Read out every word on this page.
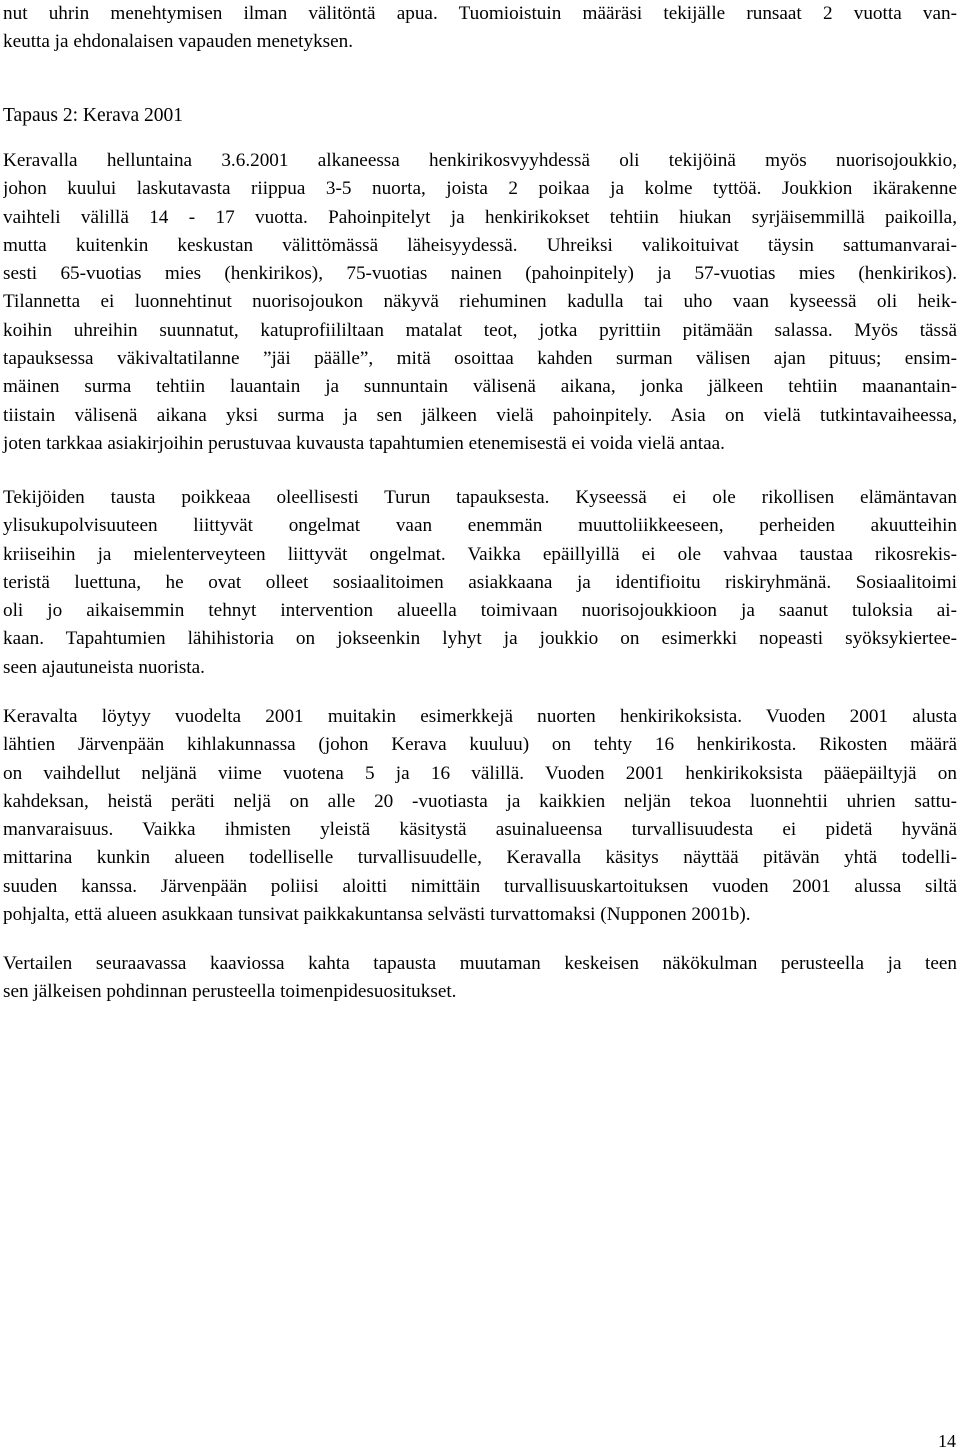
nut uhrin menehtymisen ilman välitöntä apua. Tuomioistuin määräsi tekijälle runsaat 2 vuotta van-
keutta ja ehdonalaisen vapauden menetyksen.
Tapaus 2: Kerava 2001
Keravalla helluntaina 3.6.2001 alkaneessa henkirikosvyyhdessä oli tekijöinä myös nuorisojoukkio,
johon kuului laskutavasta riippua 3-5 nuorta, joista 2 poikaa ja kolme tyttöä. Joukkion ikärakenne
vaihteli välillä 14 - 17 vuotta. Pahoinpitelyt ja henkirikokset tehtiin hiukan syrjäisemmillä paikoilla,
mutta kuitenkin keskustan välittömässä läheisyydessä. Uhreiksi valikoituivat täysin sattumanvarai-
sesti 65-vuotias mies (henkirikos), 75-vuotias nainen (pahoinpitely) ja 57-vuotias mies (henkirikos).
Tilannetta ei luonnehtinut nuorisojoukon näkyvä riehuminen kadulla tai uho vaan kyseessä oli heik-
koihin uhreihin suunnatut, katuprofiililtaan matalat teot, jotka pyrittiin pitämään salassa. Myös tässä
tapauksessa väkivaltatilanne ”jäi päälle”, mitä osoittaa kahden surman välisen ajan pituus; ensim-
mäinen surma tehtiin lauantain ja sunnuntain välisenä aikana, jonka jälkeen tehtiin maanantain-
tiistain välisenä aikana yksi surma ja sen jälkeen vielä pahoinpitely. Asia on vielä tutkintavaiheessa,
joten tarkkaa asiakirjoihin perustuvaa kuvausta tapahtumien etenemisestä ei voida vielä antaa.
Tekijöiden tausta poikkeaa oleellisesti Turun tapauksesta. Kyseessä ei ole rikollisen elämäntavan
ylisukupolvisuuteen liittyvät ongelmat vaan enemmän muuttoliikkeeseen, perheiden akuutteihin
kriiseihin ja mielenterveyteen liittyvät ongelmat. Vaikka epäillyillä ei ole vahvaa taustaa rikosrekis-
teristä luettuna, he ovat olleet sosiaalitoimen asiakkaana ja identifioitu riskiryhmänä. Sosiaalitoimi
oli jo aikaisemmin tehnyt intervention alueella toimivaan nuorisojoukkioon ja saanut tuloksia ai-
kaan. Tapahtumien lähihistoria on jokseenkin lyhyt ja joukkio on esimerkki nopeasti syöksykierteе-
seen ajautuneista nuorista.
Keravalta löytyy vuodelta 2001 muitakin esimerkkejä nuorten henkirikoksista. Vuoden 2001 alusta
lähtien Järvenpään kihlakunnassa (johon Kerava kuuluu) on tehty 16 henkirikosta. Rikosten määrä
on vaihdellut neljänä viime vuotena 5 ja 16 välillä. Vuoden 2001 henkirikoksista pääepäiltyjä on
kahdeksan, heistä peräti neljä on alle 20 -vuotiasta ja kaikkien neljän tekoa luonnehtii uhrien sattu-
manvaraisuus. Vaikka ihmisten yleistä käsitystä asuinalueensa turvallisuudesta ei pidetä hyvänä
mittarina kunkin alueen todelliselle turvallisuudelle, Keravalla käsitys näyttää pitävän yhtä todelli-
suuden kanssa. Järvenpään poliisi aloitti nimittäin turvallisuuskartoituksen vuoden 2001 alussa siltä
pohjalta, että alueen asukkaan tunsivat paikkakuntansa selvästi turvattomaksi (Nupponen 2001b).
Vertailen seuraavassa kaaviossa kahta tapausta muutaman keskeisen näkökulman perusteella ja teen
sen jälkeisen pohdinnan perusteella toimenpidesuositukset.
14
